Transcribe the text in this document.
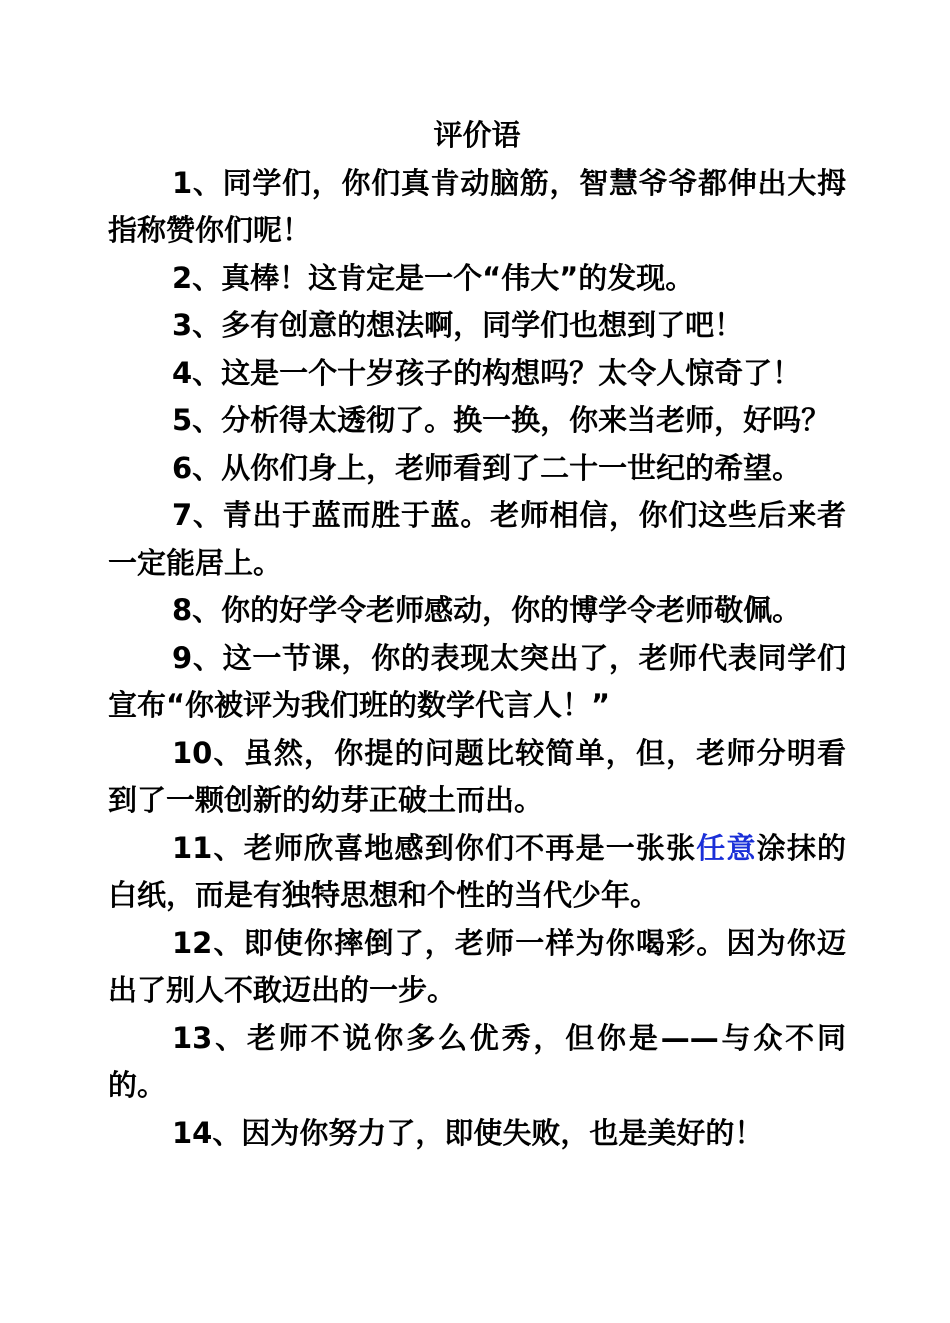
评价语

1、同学们，你们真肯动脑筋，智慧爷爷都伸出大拇指称赞你们呢！

2、真棒！这肯定是一个“伟大”的发现。

3、多有创意的想法啊，同学们也想到了吧！

4、这是一个十岁孩子的构想吗？太令人惊奇了！

5、分析得太透彻了。换一换，你来当老师，好吗？

6、从你们身上，老师看到了二十一世纪的希望。

7、青出于蓝而胜于蓝。老师相信，你们这些后来者一定能居上。

8、你的好学令老师感动，你的博学令老师敬佩。

9、这一节课，你的表现太突出了，老师代表同学们宣布“你被评为我们班的数学代言人！”

10、虽然，你提的问题比较简单，但，老师分明看到了一颗创新的幼芽正破土而出。

11、老师欣喜地感到你们不再是一张张任意涂抹的白纸，而是有独特思想和个性的当代少年。

12、即使你摔倒了，老师一样为你喝彩。因为你迈出了别人不敢迈出的一步。

13、老师不说你多么优秀，但你是——与众不同的。

14、因为你努力了，即使失败，也是美好的！
